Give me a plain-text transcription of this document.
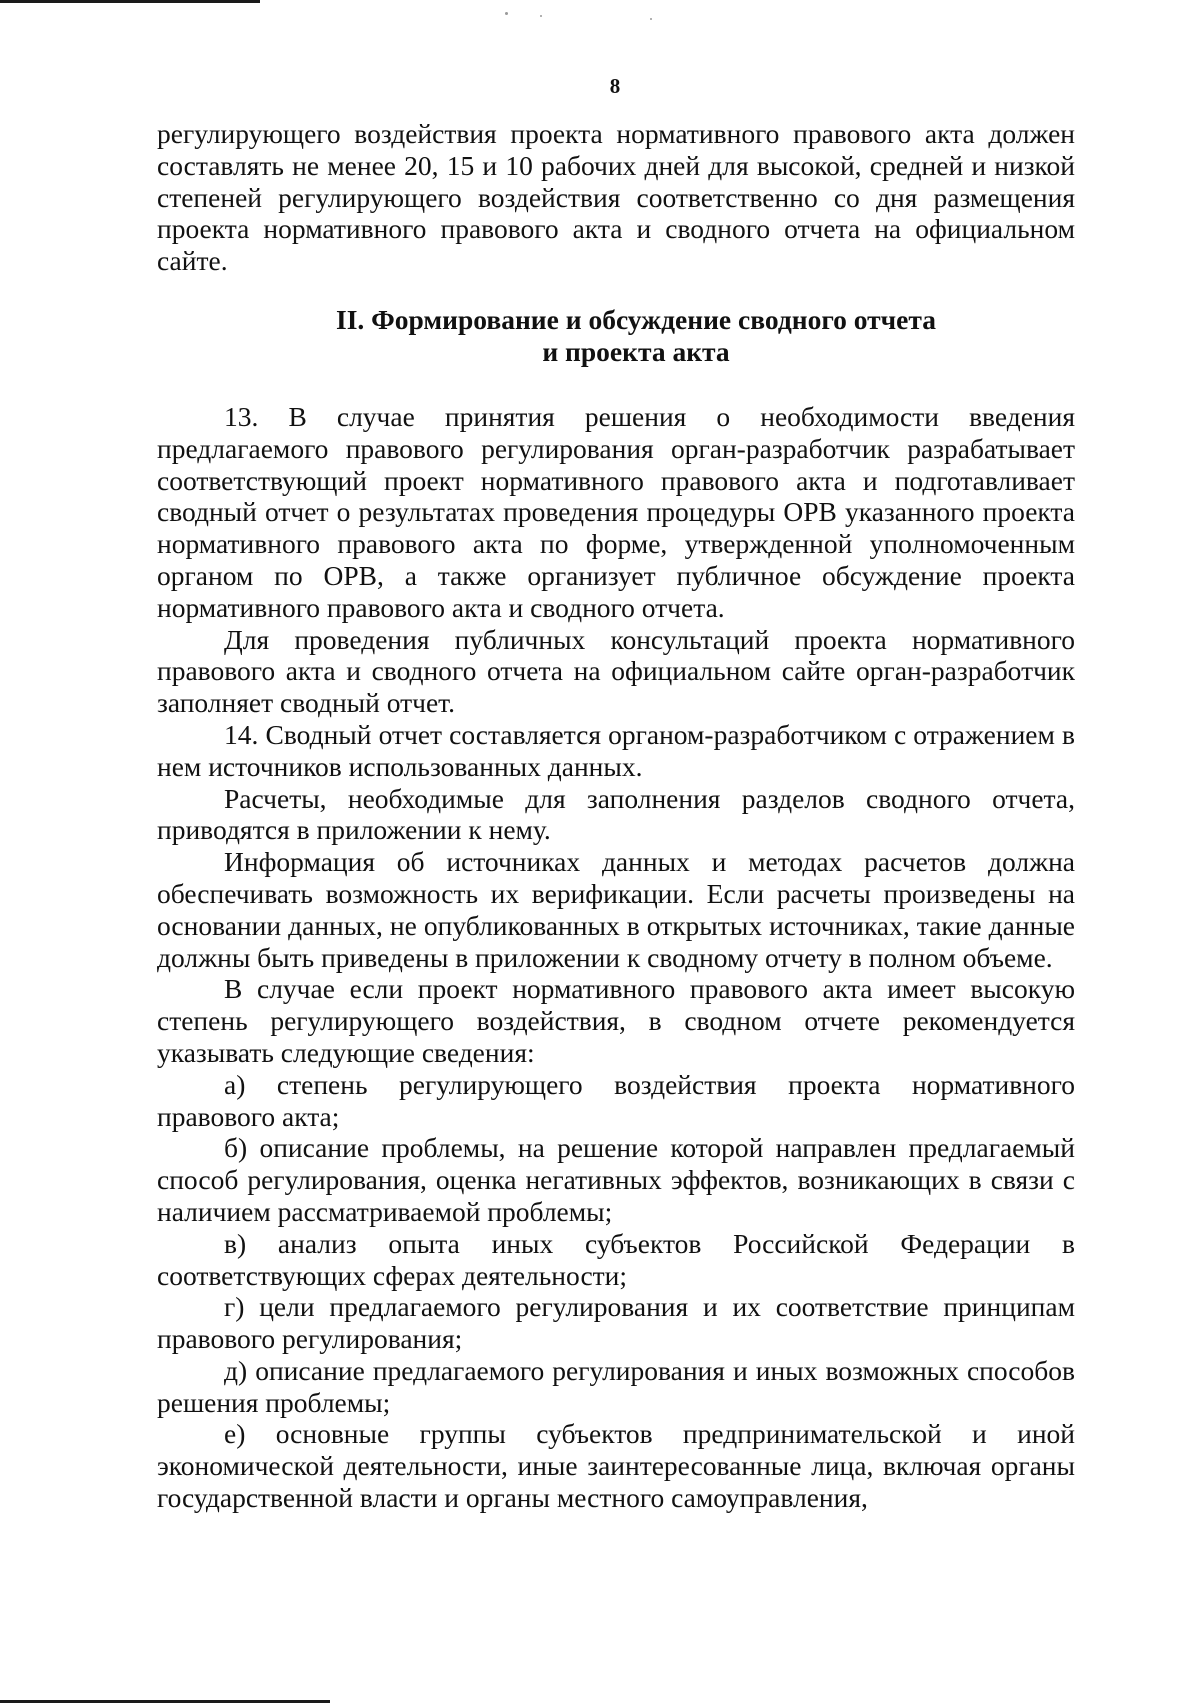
8

регулирующего воздействия проекта нормативного правового акта должен составлять не менее 20, 15 и 10 рабочих дней для высокой, средней и низкой степеней регулирующего воздействия соответственно со дня размещения проекта нормативного правового акта и сводного отчета на официальном сайте.

II. Формирование и обсуждение сводного отчета

и проекта акта

13. В случае принятия решения о необходимости введения предлагаемого правового регулирования орган-разработчик разрабатывает соответствующий проект нормативного правового акта и подготавливает сводный отчет о результатах проведения процедуры ОРВ указанного проекта нормативного правового акта по форме, утвержденной уполномоченным органом по ОРВ, а также организует публичное обсуждение проекта нормативного правового акта и сводного отчета.

Для проведения публичных консультаций проекта нормативного правового акта и сводного отчета на официальном сайте орган-разработчик заполняет сводный отчет.

14. Сводный отчет составляется органом-разработчиком с отражением в нем источников использованных данных.

Расчеты, необходимые для заполнения разделов сводного отчета, приводятся в приложении к нему.

Информация об источниках данных и методах расчетов должна обеспечивать возможность их верификации. Если расчеты произведены на основании данных, не опубликованных в открытых источниках, такие данные должны быть приведены в приложении к сводному отчету в полном объеме.

В случае если проект нормативного правового акта имеет высокую степень регулирующего воздействия, в сводном отчете рекомендуется указывать следующие сведения:

а) степень регулирующего воздействия проекта нормативного правового акта;

б) описание проблемы, на решение которой направлен предлагаемый способ регулирования, оценка негативных эффектов, возникающих в связи с наличием рассматриваемой проблемы;

в) анализ опыта иных субъектов Российской Федерации в соответствующих сферах деятельности;

г) цели предлагаемого регулирования и их соответствие принципам правового регулирования;

д) описание предлагаемого регулирования и иных возможных способов решения проблемы;

е) основные группы субъектов предпринимательской и иной экономической деятельности, иные заинтересованные лица, включая органы государственной власти и органы местного самоуправления,
